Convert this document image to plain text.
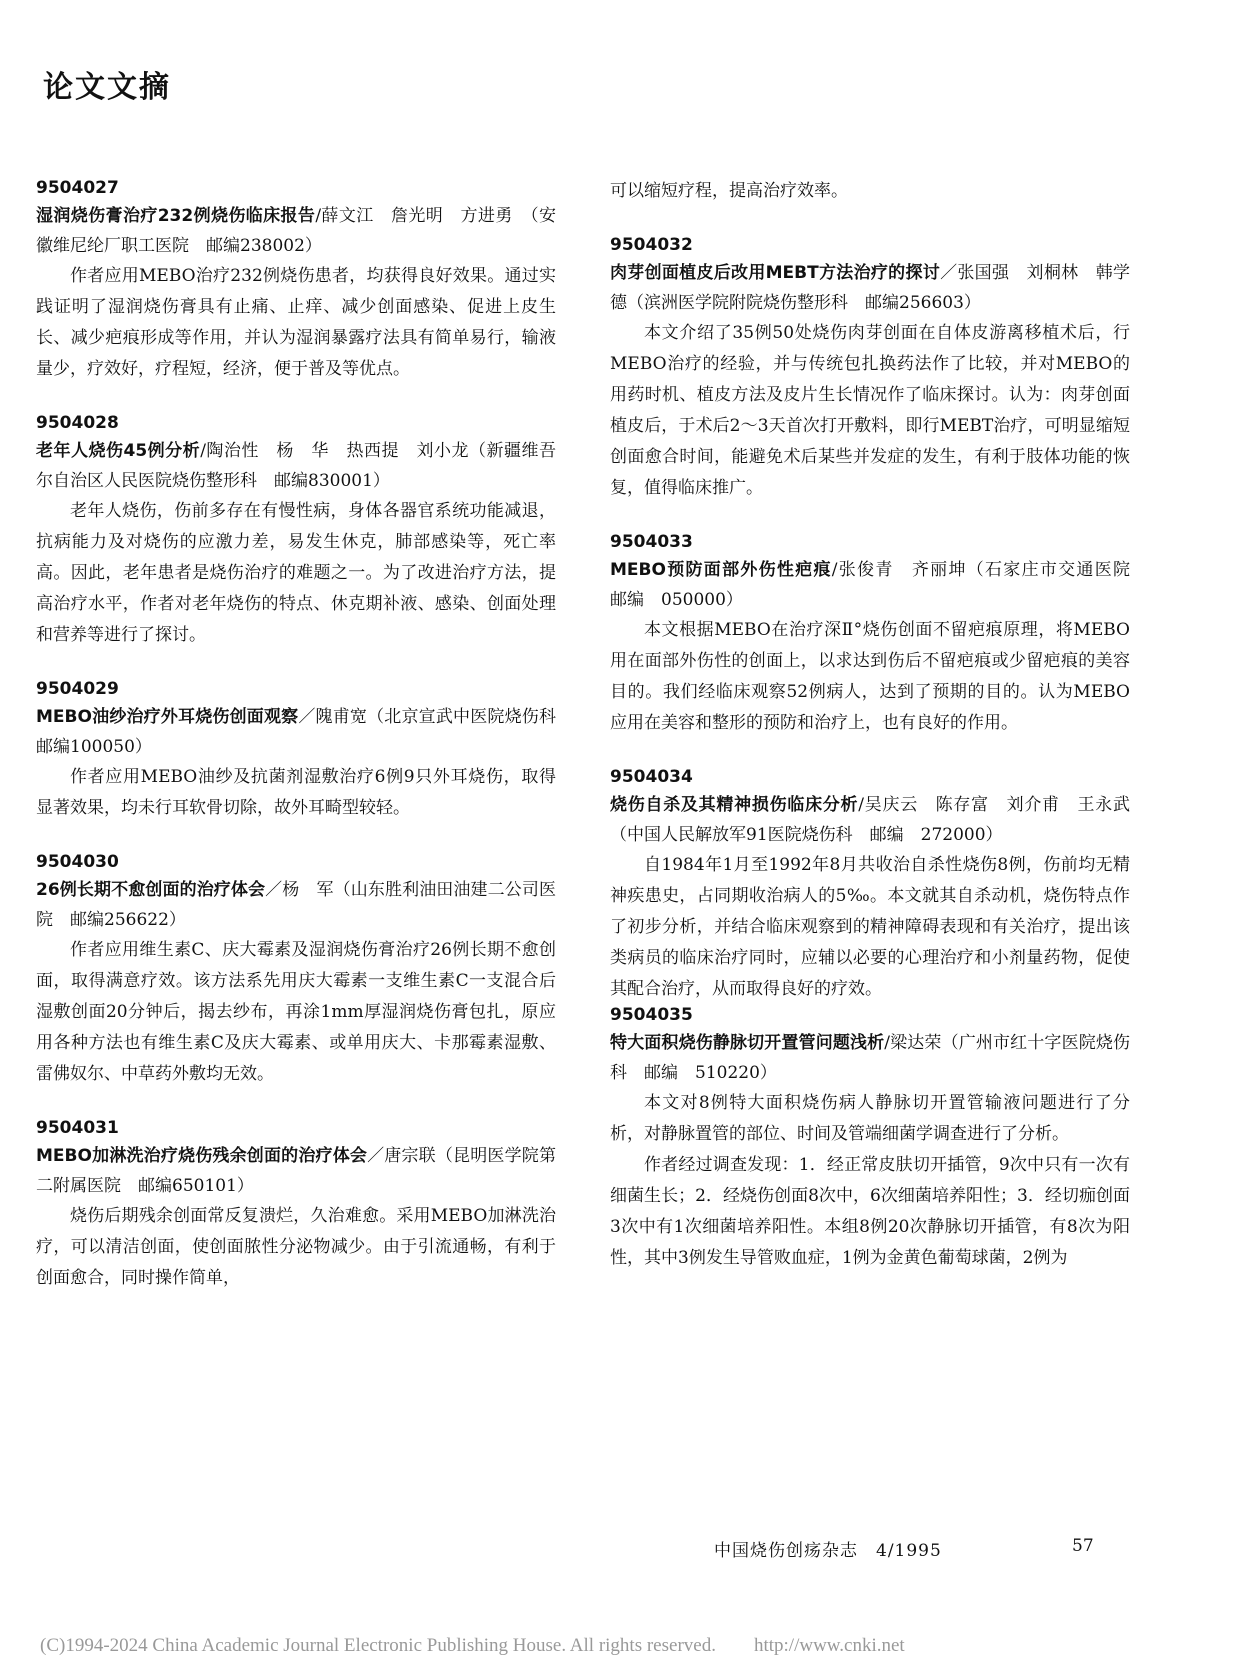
论文文摘
9504027
湿润烧伤膏治疗232例烧伤临床报告/薛文江　詹光明　方进勇　（安徽维尼纶厂职工医院　邮编238002）

作者应用MEBO治疗232例烧伤患者，均获得良好效果。通过实践证明了湿润烧伤膏具有止痛、止痒、减少创面感染、促进上皮生长、减少疤痕形成等作用，并认为湿润暴露疗法具有简单易行，输液量少，疗效好，疗程短，经济，便于普及等优点。

9504028
老年人烧伤45例分析/陶治性　杨　华　热西提　刘小龙（新疆维吾尔自治区人民医院烧伤整形科　邮编830001）

老年人烧伤，伤前多存在有慢性病，身体各器官系统功能减退，抗病能力及对烧伤的应激力差，易发生休克，肺部感染等，死亡率高。因此，老年患者是烧伤治疗的难题之一。为了改进治疗方法，提高治疗水平，作者对老年烧伤的特点、休克期补液、感染、创面处理和营养等进行了探讨。

9504029
MEBO油纱治疗外耳烧伤创面观察／隗甫宽（北京宣武中医院烧伤科　邮编100050）

作者应用MEBO油纱及抗菌剂湿敷治疗6例9只外耳烧伤，取得显著效果，均未行耳软骨切除，故外耳畸型较轻。

9504030
26例长期不愈创面的治疗体会／杨　军（山东胜利油田油建二公司医院　邮编256622）

作者应用维生素C、庆大霉素及湿润烧伤膏治疗26例长期不愈创面，取得满意疗效。该方法系先用庆大霉素一支维生素C一支混合后湿敷创面20分钟后，揭去纱布，再涂1mm厚湿润烧伤膏包扎，原应用各种方法也有维生素C及庆大霉素、或单用庆大、卡那霉素湿敷、雷佛奴尔、中草药外敷均无效。

9504031
MEBO加淋洗治疗烧伤残余创面的治疗体会／唐宗联（昆明医学院第二附属医院　邮编650101）

烧伤后期残余创面常反复溃烂，久治难愈。采用MEBO加淋洗治疗，可以清洁创面，使创面脓性分泌物减少。由于引流通畅，有利于创面愈合，同时操作简单，

可以缩短疗程，提高治疗效率。

9504032
肉芽创面植皮后改用MEBT方法治疗的探讨／张国强　刘桐林　韩学德（滨洲医学院附院烧伤整形科　邮编256603）

本文介绍了35例50处烧伤肉芽创面在自体皮游离移植术后，行MEBO治疗的经验，并与传统包扎换药法作了比较，并对MEBO的用药时机、植皮方法及皮片生长情况作了临床探讨。认为：肉芽创面植皮后，于术后2～3天首次打开敷料，即行MEBT治疗，可明显缩短创面愈合时间，能避免术后某些并发症的发生，有利于肢体功能的恢复，值得临床推广。

9504033
MEBO预防面部外伤性疤痕/张俊青　齐丽坤（石家庄市交通医院　邮编　050000）

本文根据MEBO在治疗深Ⅱ°烧伤创面不留疤痕原理，将MEBO用在面部外伤性的创面上，以求达到伤后不留疤痕或少留疤痕的美容目的。我们经临床观察52例病人，达到了预期的目的。认为MEBO应用在美容和整形的预防和治疗上，也有良好的作用。

9504034
烧伤自杀及其精神损伤临床分析/吴庆云　陈存富　刘介甫　王永武（中国人民解放军91医院烧伤科　邮编　272000）

自1984年1月至1992年8月共收治自杀性烧伤8例，伤前均无精神疾患史，占同期收治病人的5‰。本文就其自杀动机，烧伤特点作了初步分析，并结合临床观察到的精神障碍表现和有关治疗，提出该类病员的临床治疗同时，应辅以必要的心理治疗和小剂量药物，促使其配合治疗，从而取得良好的疗效。

9504035
特大面积烧伤静脉切开置管问题浅析/梁达荣（广州市红十字医院烧伤科　邮编　510220）

本文对8例特大面积烧伤病人静脉切开置管输液问题进行了分析，对静脉置管的部位、时间及管端细菌学调查进行了分析。

作者经过调查发现：1．经正常皮肤切开插管，9次中只有一次有细菌生长；2．经烧伤创面8次中，6次细菌培养阳性；3．经切痂创面3次中有1次细菌培养阳性。本组8例20次静脉切开插管，有8次为阳性，其中3例发生导管败血症，1例为金黄色葡萄球菌，2例为

中国烧伤创疡杂志　4/1995	57
(C)1994-2024 China Academic Journal Electronic Publishing House. All rights reserved.　　http://www.cnki.net
